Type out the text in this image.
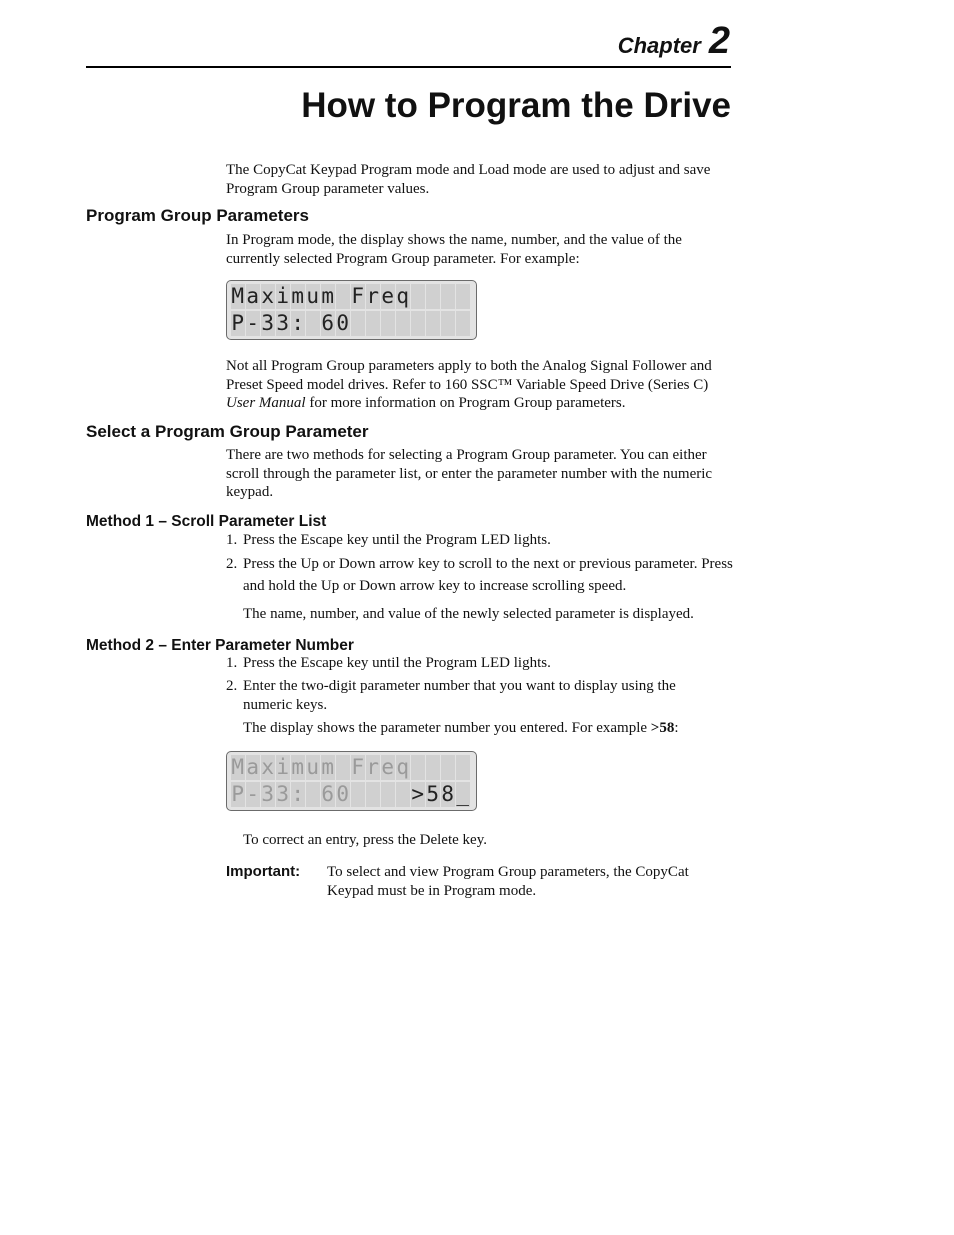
Chapter 2
How to Program the Drive

The CopyCat Keypad Program mode and Load mode are used to adjust and save Program Group parameter values.

Program Group Parameters

In Program mode, the display shows the name, number, and the value of the currently selected Program Group parameter. For example:

M a x i m u m F r e q
P - 3 3 : 6 0

Not all Program Group parameters apply to both the Analog Signal Follower and Preset Speed model drives. Refer to 160 SSC™ Variable Speed Drive (Series C) User Manual for more information on Program Group parameters.

Select a Program Group Parameter

There are two methods for selecting a Program Group parameter. You can either scroll through the parameter list, or enter the parameter number with the numeric keypad.

Method 1 – Scroll Parameter List

1. Press the Escape key until the Program LED lights.

2. Press the Up or Down arrow key to scroll to the next or previous parameter. Press and hold the Up or Down arrow key to increase scrolling speed.

The name, number, and value of the newly selected parameter is displayed.

Method 2 – Enter Parameter Number

1. Press the Escape key until the Program LED lights.

2. Enter the two-digit parameter number that you want to display using the numeric keys.

The display shows the parameter number you entered. For example >58:

M a x i m u m F r e q
P - 3 3 : 6 0	> 5 8 _

To correct an entry, press the Delete key.

Important: To select and view Program Group parameters, the CopyCat Keypad must be in Program mode.
